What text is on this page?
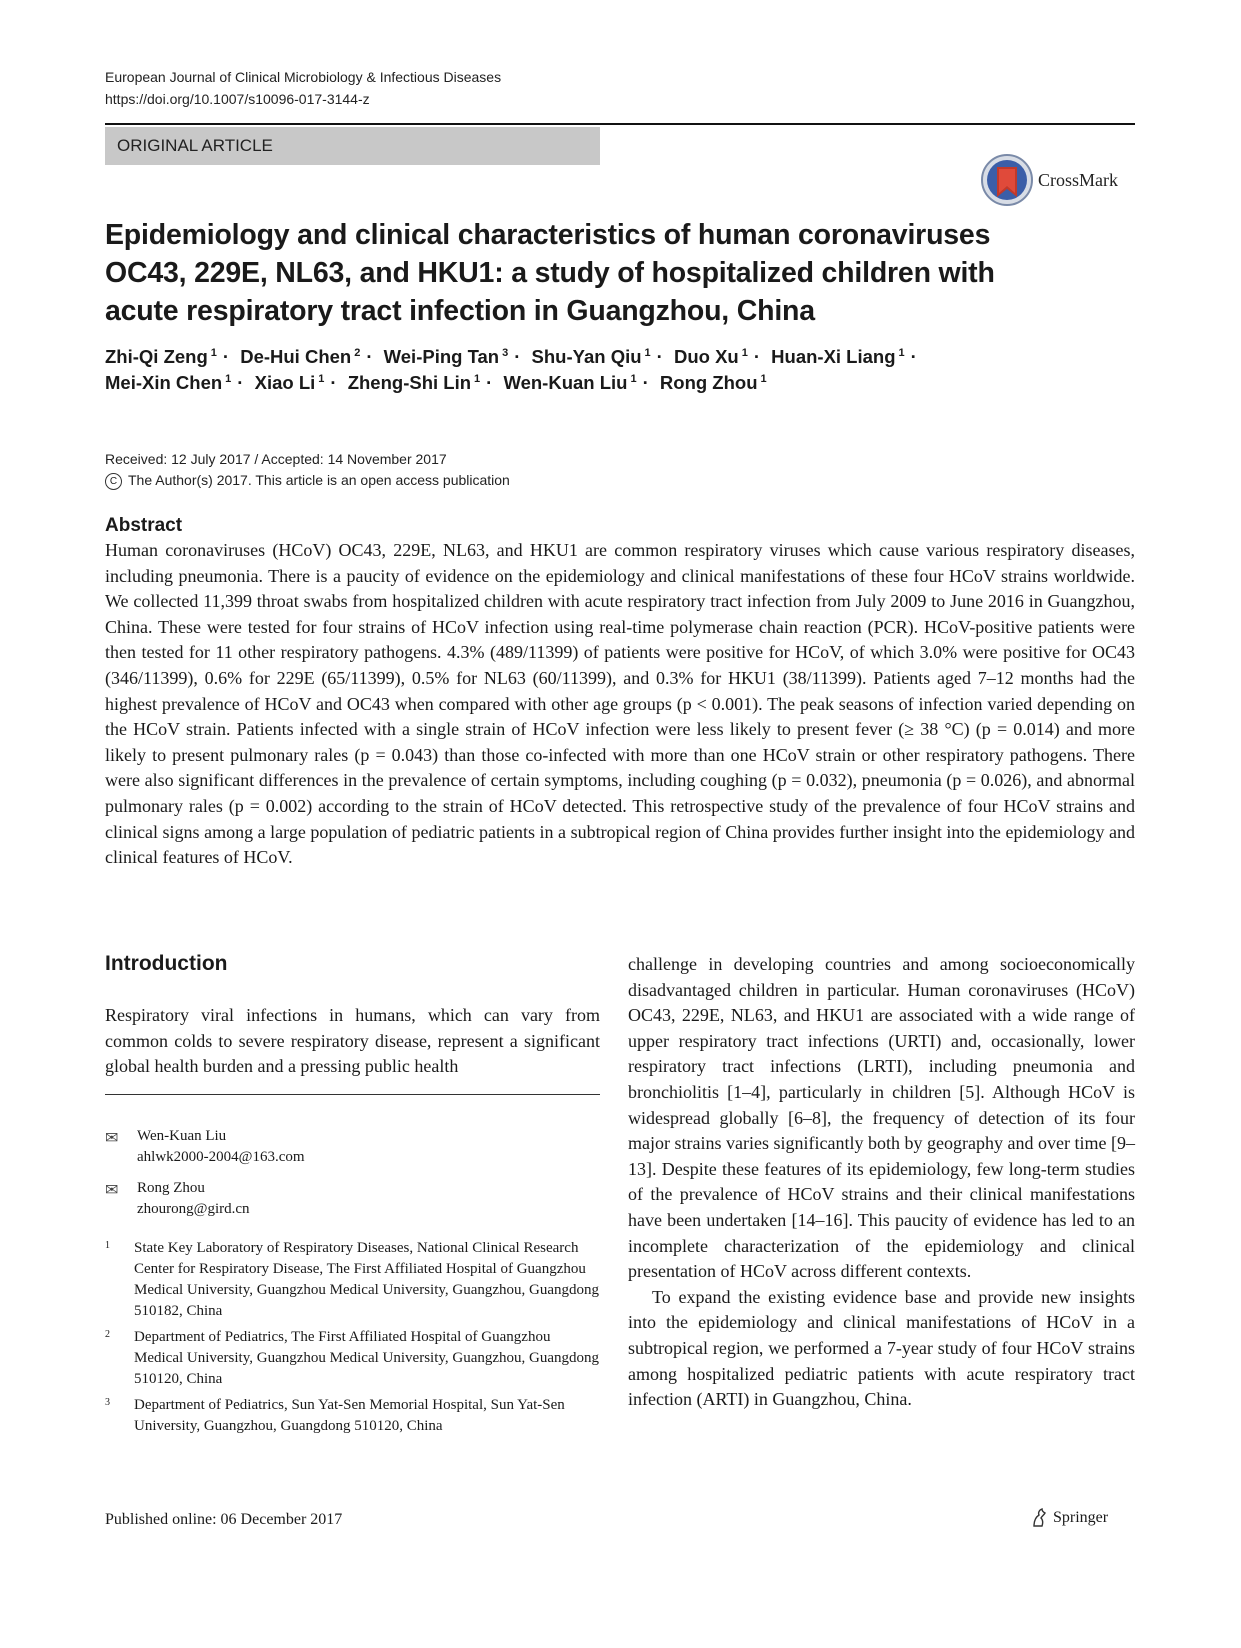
European Journal of Clinical Microbiology & Infectious Diseases
https://doi.org/10.1007/s10096-017-3144-z
ORIGINAL ARTICLE
CrossMark
Epidemiology and clinical characteristics of human coronaviruses OC43, 229E, NL63, and HKU1: a study of hospitalized children with acute respiratory tract infection in Guangzhou, China
Zhi-Qi Zeng $^1$ · De-Hui Chen $^2$ · Wei-Ping Tan $^3$ · Shu-Yan Qiu $^1$ · Duo Xu $^1$ · Huan-Xi Liang $^1$ ·
Mei-Xin Chen $^1$ · Xiao Li $^1$ · Zheng-Shi Lin $^1$ · Wen-Kuan Liu $^1$ · Rong Zhou $^1$
Received: 12 July 2017 / Accepted: 14 November 2017
C The Author(s) 2017. This article is an open access publication
Abstract
Human coronaviruses (HCoV) OC43, 229E, NL63, and HKU1 are common respiratory viruses which cause various respiratory diseases, including pneumonia. There is a paucity of evidence on the epidemiology and clinical manifestations of these four HCoV strains worldwide. We collected 11,399 throat swabs from hospitalized children with acute respiratory tract infection from July 2009 to June 2016 in Guangzhou, China. These were tested for four strains of HCoV infection using real-time polymerase chain reaction (PCR). HCoV-positive patients were then tested for 11 other respiratory pathogens. 4.3% (489/11399) of patients were positive for HCoV, of which 3.0% were positive for OC43 (346/11399), 0.6% for 229E (65/11399), 0.5% for NL63 (60/11399), and 0.3% for HKU1 (38/11399). Patients aged 7–12 months had the highest prevalence of HCoV and OC43 when compared with other age groups (p < 0.001). The peak seasons of infection varied depending on the HCoV strain. Patients infected with a single strain of HCoV infection were less likely to present fever (≥ 38 °C) (p = 0.014) and more likely to present pulmonary rales (p = 0.043) than those co-infected with more than one HCoV strain or other respiratory pathogens. There were also significant differences in the prevalence of certain symptoms, including coughing (p = 0.032), pneumonia (p = 0.026), and abnormal pulmonary rales (p = 0.002) according to the strain of HCoV detected. This retrospective study of the prevalence of four HCoV strains and clinical signs among a large population of pediatric patients in a subtropical region of China provides further insight into the epidemiology and clinical features of HCoV.
Introduction
Respiratory viral infections in humans, which can vary from common colds to severe respiratory disease, represent a significant global health burden and a pressing public health
✉ Wen-Kuan Liu
ahlwk2000-2004@163.com
✉ Rong Zhou
zhourong@gird.cn
1 State Key Laboratory of Respiratory Diseases, National Clinical Research Center for Respiratory Disease, The First Affiliated Hospital of Guangzhou Medical University, Guangzhou Medical University, Guangzhou, Guangdong 510182, China
2 Department of Pediatrics, The First Affiliated Hospital of Guangzhou Medical University, Guangzhou Medical University, Guangzhou, Guangdong 510120, China
3 Department of Pediatrics, Sun Yat-Sen Memorial Hospital, Sun Yat-Sen University, Guangzhou, Guangdong 510120, China

challenge in developing countries and among socioeconomically disadvantaged children in particular. Human coronaviruses (HCoV) OC43, 229E, NL63, and HKU1 are associated with a wide range of upper respiratory tract infections (URTI) and, occasionally, lower respiratory tract infections (LRTI), including pneumonia and bronchiolitis [1–4], particularly in children [5]. Although HCoV is widespread globally [6–8], the frequency of detection of its four major strains varies significantly both by geography and over time [9–13]. Despite these features of its epidemiology, few long-term studies of the prevalence of HCoV strains and their clinical manifestations have been undertaken [14–16]. This paucity of evidence has led to an incomplete characterization of the epidemiology and clinical presentation of HCoV across different contexts.

To expand the existing evidence base and provide new insights into the epidemiology and clinical manifestations of HCoV in a subtropical region, we performed a 7-year study of four HCoV strains among hospitalized pediatric patients with acute respiratory tract infection (ARTI) in Guangzhou, China.

Published online: 06 December 2017	Springer
